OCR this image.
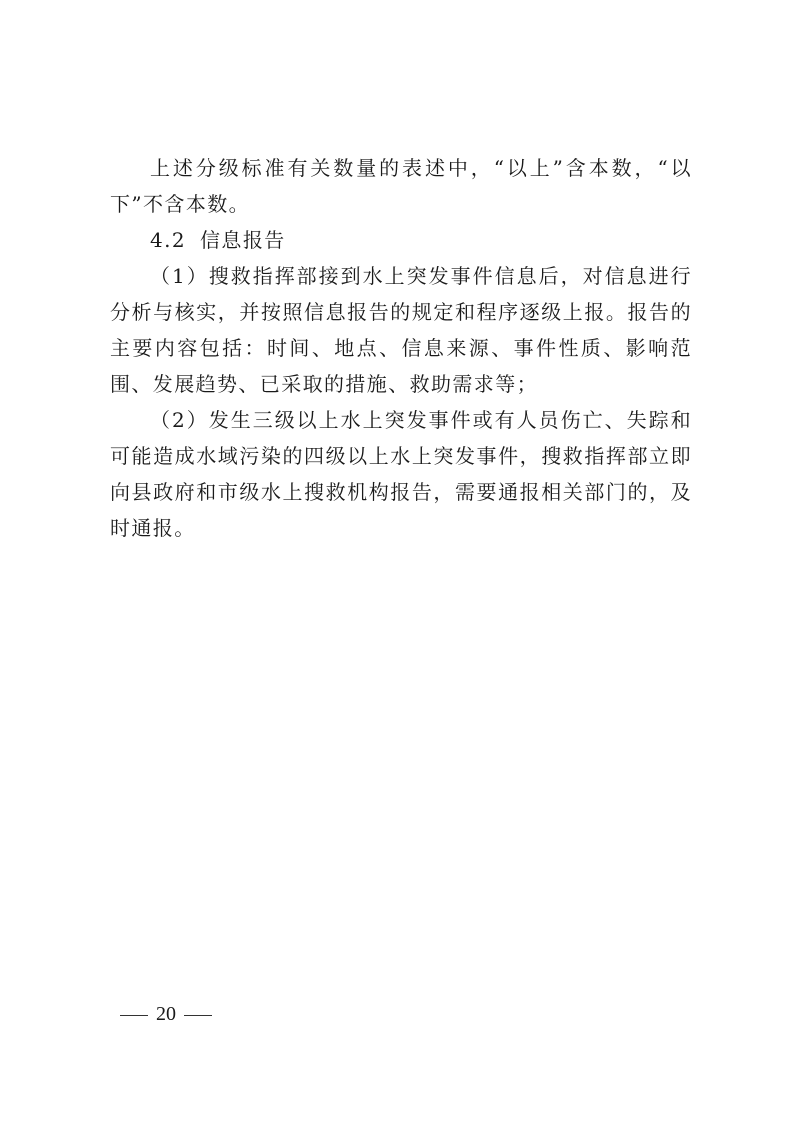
上述分级标准有关数量的表述中，“以上”含本数，“以下”不含本数。

4.2 信息报告

（1）搜救指挥部接到水上突发事件信息后，对信息进行分析与核实，并按照信息报告的规定和程序逐级上报。报告的主要内容包括：时间、地点、信息来源、事件性质、影响范围、发展趋势、已采取的措施、救助需求等；

（2）发生三级以上水上突发事件或有人员伤亡、失踪和可能造成水域污染的四级以上水上突发事件，搜救指挥部立即向县政府和市级水上搜救机构报告，需要通报相关部门的，及时通报。

20
